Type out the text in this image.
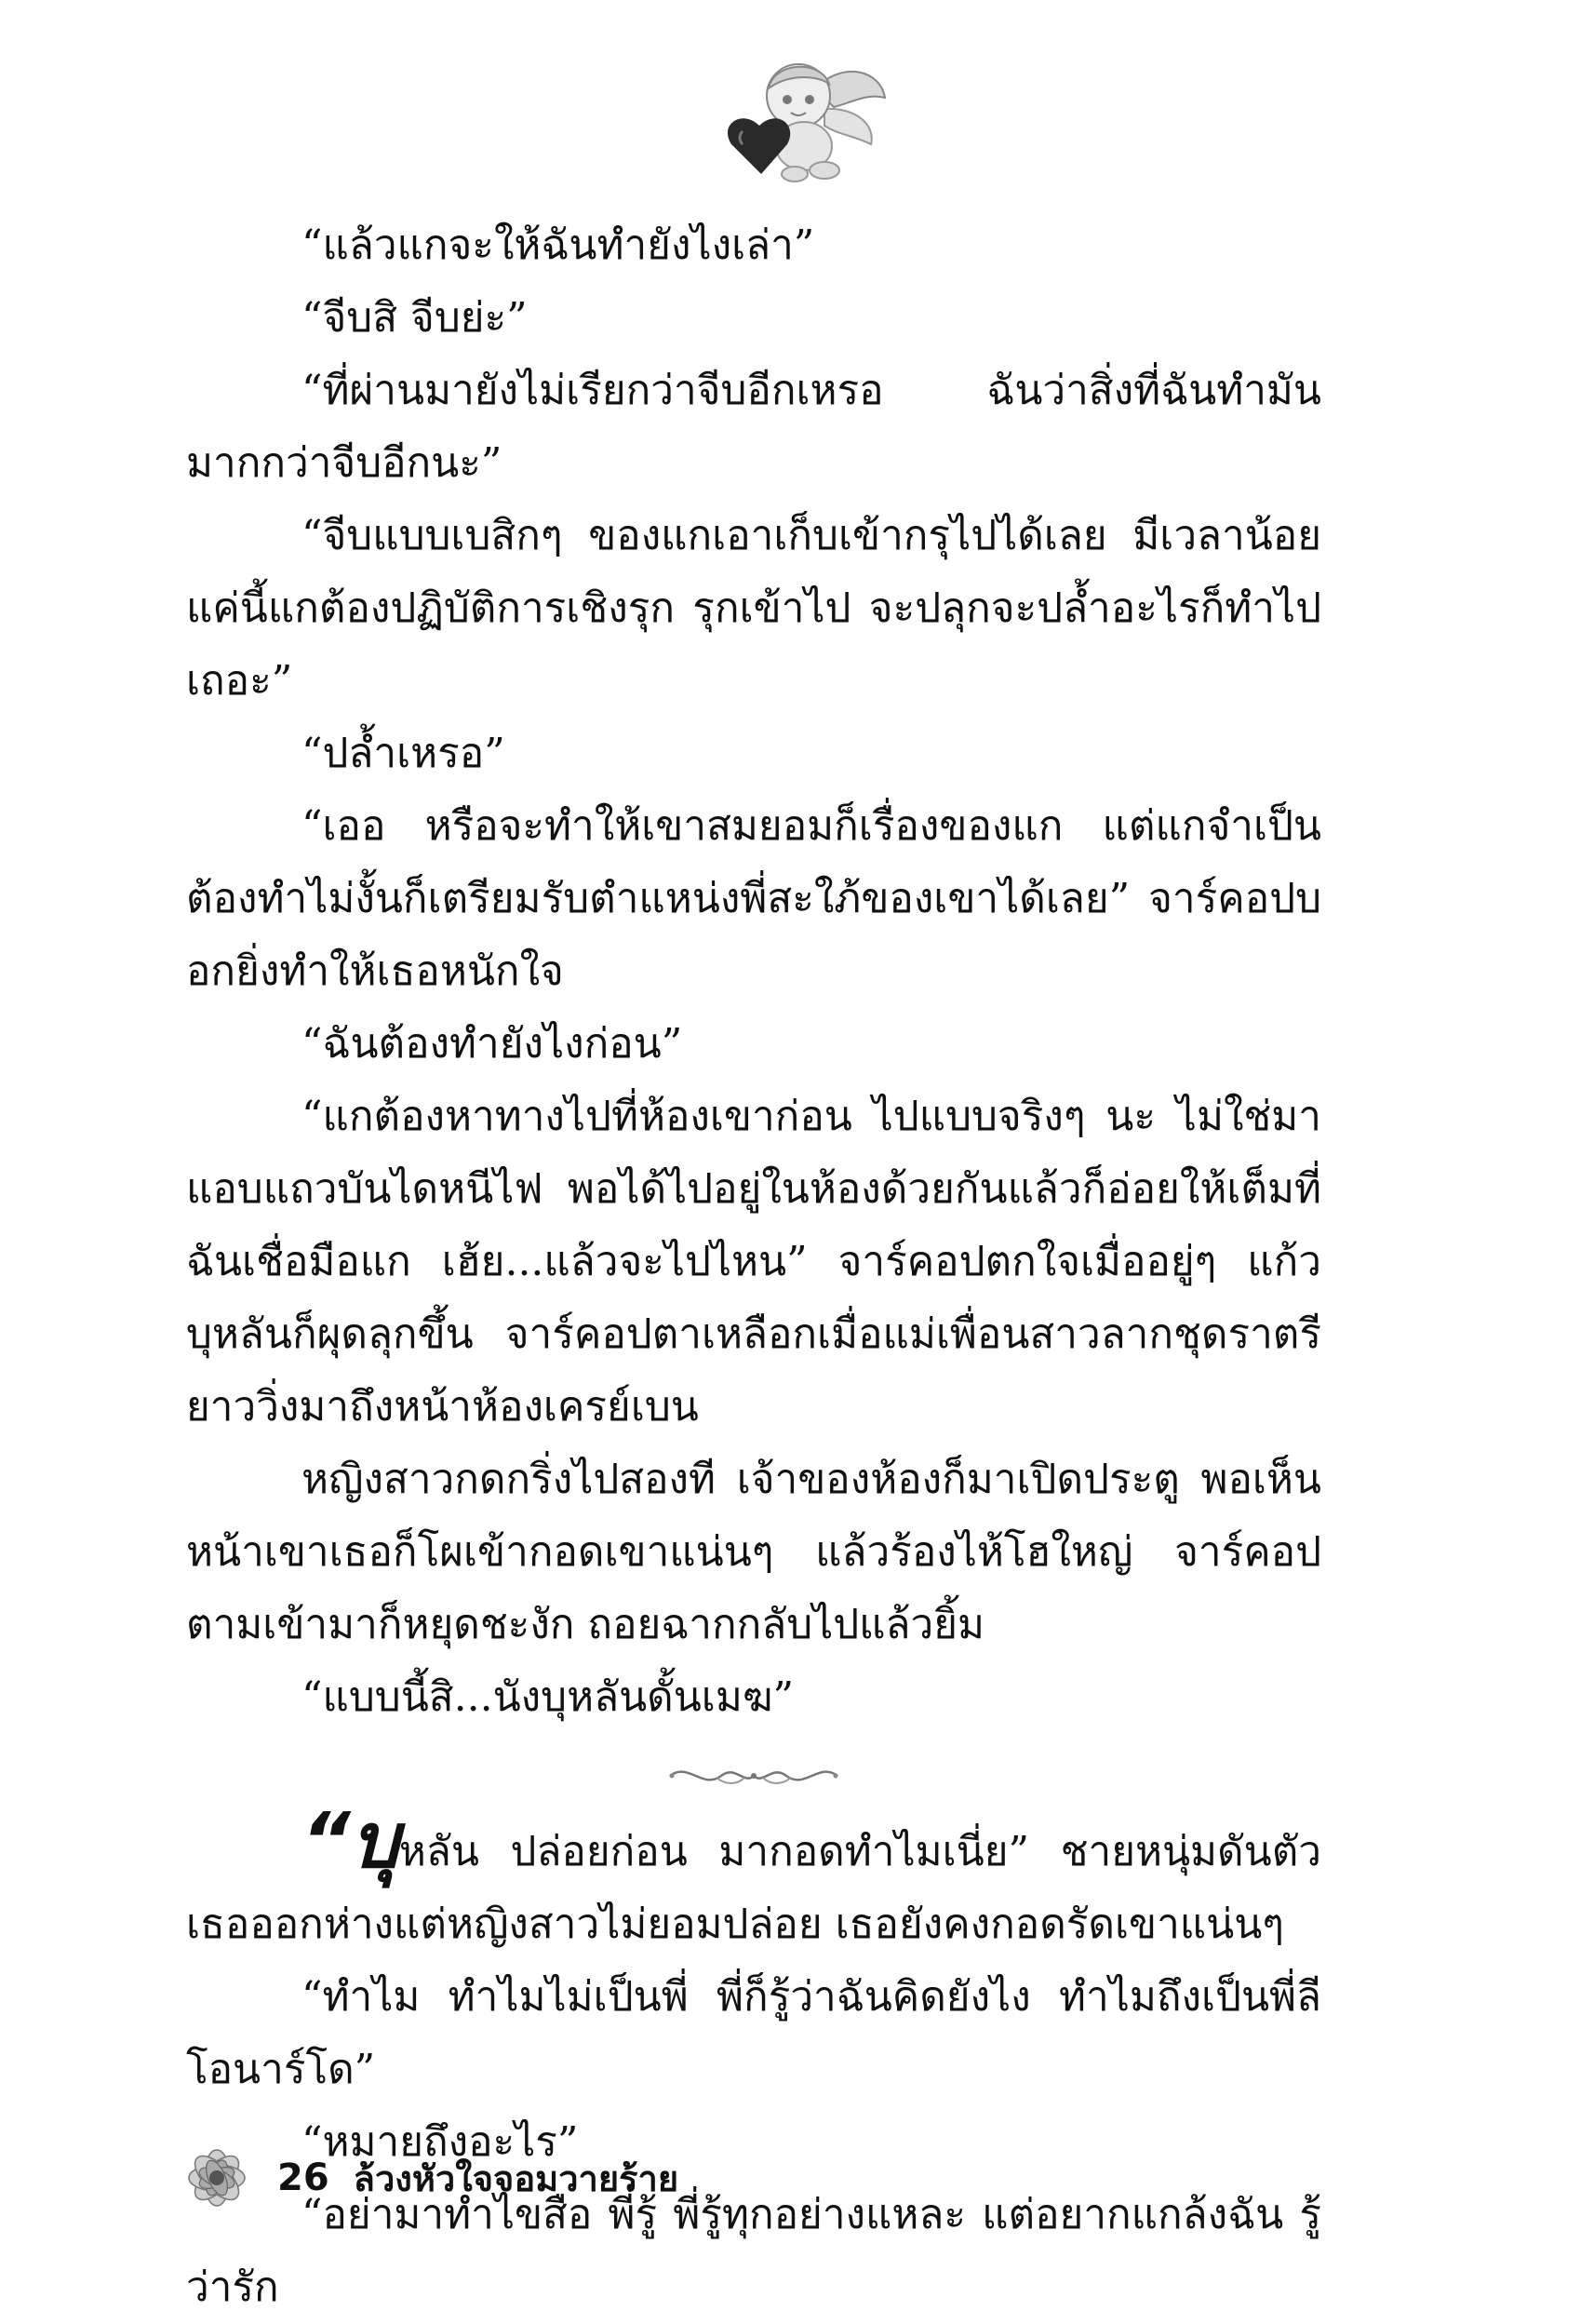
“แล้วแกจะให้ฉันทำยังไงเล่า”

“จีบสิ จีบย่ะ”

“ที่ผ่านมายังไม่เรียกว่าจีบอีกเหรอ ฉันว่าสิ่งที่ฉันทำมันมากกว่าจีบอีกนะ”

“จีบแบบเบสิกๆ ของแกเอาเก็บเข้ากรุไปได้เลย มีเวลาน้อยแค่นี้แกต้องปฏิบัติการเชิงรุก รุกเข้าไป จะปลุกจะปล้ำอะไรก็ทำไปเถอะ”

“ปล้ำเหรอ”

“เออ หรือจะทำให้เขาสมยอมก็เรื่องของแก แต่แกจำเป็นต้องทำไม่งั้นก็เตรียมรับตำแหน่งพี่สะใภ้ของเขาได้เลย” จาร์คอปบอกยิ่งทำให้เธอหนักใจ

“ฉันต้องทำยังไงก่อน”

“แกต้องหาทางไปที่ห้องเขาก่อน ไปแบบจริงๆ นะ ไม่ใช่มาแอบแถวบันไดหนีไฟ พอได้ไปอยู่ในห้องด้วยกันแล้วก็อ่อยให้เต็มที่ ฉันเชื่อมือแก เฮ้ย...แล้วจะไปไหน” จาร์คอปตกใจเมื่ออยู่ๆ แก้วบุหลันก็ผุดลุกขึ้น จาร์คอปตาเหลือกเมื่อแม่เพื่อนสาวลากชุดราตรียาววิ่งมาถึงหน้าห้องเครย์เบน

หญิงสาวกดกริ่งไปสองที เจ้าของห้องก็มาเปิดประตู พอเห็นหน้าเขาเธอก็โผเข้ากอดเขาแน่นๆ แล้วร้องไห้โฮใหญ่ จาร์คอปตามเข้ามาก็หยุดชะงัก ถอยฉากกลับไปแล้วยิ้ม

“แบบนี้สิ...นังบุหลันดั้นเมฆ”

“บุหลัน ปล่อยก่อน มากอดทำไมเนี่ย” ชายหนุ่มดันตัวเธอออกห่างแต่หญิงสาวไม่ยอมปล่อย เธอยังคงกอดรัดเขาแน่นๆ

“ทำไม ทำไมไม่เป็นพี่ พี่ก็รู้ว่าฉันคิดยังไง ทำไมถึงเป็นพี่ลีโอนาร์โด”

“หมายถึงอะไร”

“อย่ามาทำไขสือ พี่รู้ พี่รู้ทุกอย่างแหละ แต่อยากแกล้งฉัน รู้ว่ารัก

26 ล้วงหัวใจจอมวายร้าย
